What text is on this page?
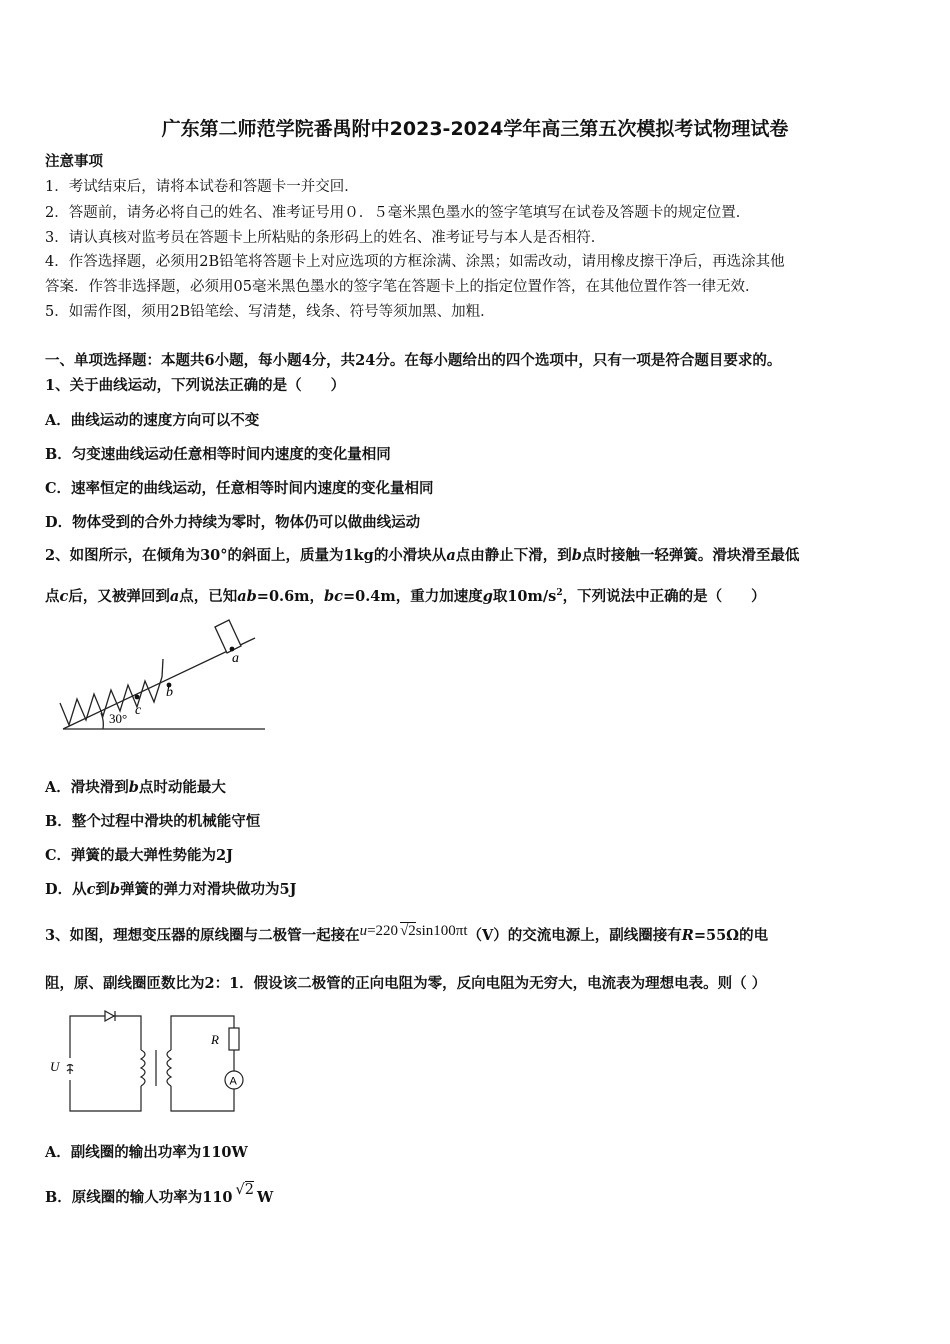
广东第二师范学院番禺附中2023-2024学年高三第五次模拟考试物理试卷
注意事项
1．考试结束后，请将本试卷和答题卡一并交回．
2．答题前，请务必将自己的姓名、准考证号用０．５毫米黑色墨水的签字笔填写在试卷及答题卡的规定位置．
3．请认真核对监考员在答题卡上所粘贴的条形码上的姓名、准考证号与本人是否相符．
4．作答选择题，必须用2B铅笔将答题卡上对应选项的方框涂满、涂黑；如需改动，请用橡皮擦干净后，再选涂其他
答案．作答非选择题，必须用05毫米黑色墨水的签字笔在答题卡上的指定位置作答，在其他位置作答一律无效．
5．如需作图，须用2B铅笔绘、写清楚，线条、符号等须加黑、加粗．
一、单项选择题：本题共6小题，每小题4分，共24分。在每小题给出的四个选项中，只有一项是符合题目要求的。
1、关于曲线运动，下列说法正确的是（　　）
A．曲线运动的速度方向可以不变
B．匀变速曲线运动任意相等时间内速度的变化量相同
C．速率恒定的曲线运动，任意相等时间内速度的变化量相同
D．物体受到的合外力持续为零时，物体仍可以做曲线运动
2、如图所示，在倾角为30°的斜面上，质量为1kg的小滑块从a点由静止下滑，到b点时接触一轻弹簧。滑块滑至最低
点c后，又被弹回到a点，已知ab=0.6m，bc=0.4m，重力加速度g取$10m/s^2$，下列说法中正确的是（　　）
c
b
a
30°
A．滑块滑到b点时动能最大
B．整个过程中滑块的机械能守恒
C．弹簧的最大弹性势能为2J
D．从c到b弹簧的弹力对滑块做功为5J
3、如图，理想变压器的原线圈与二极管一起接在u=220 √2sin100πt（V）的交流电源上，副线圈接有R=55Ω的电
阻，原、副线圈匝数比为2：1．假设该二极管的正向电阻为零，反向电阻为无穷大，电流表为理想电表。则（ ）
U
R
A
A．副线圈的输出功率为110W
B．原线圈的输人功率为110 √2 W
